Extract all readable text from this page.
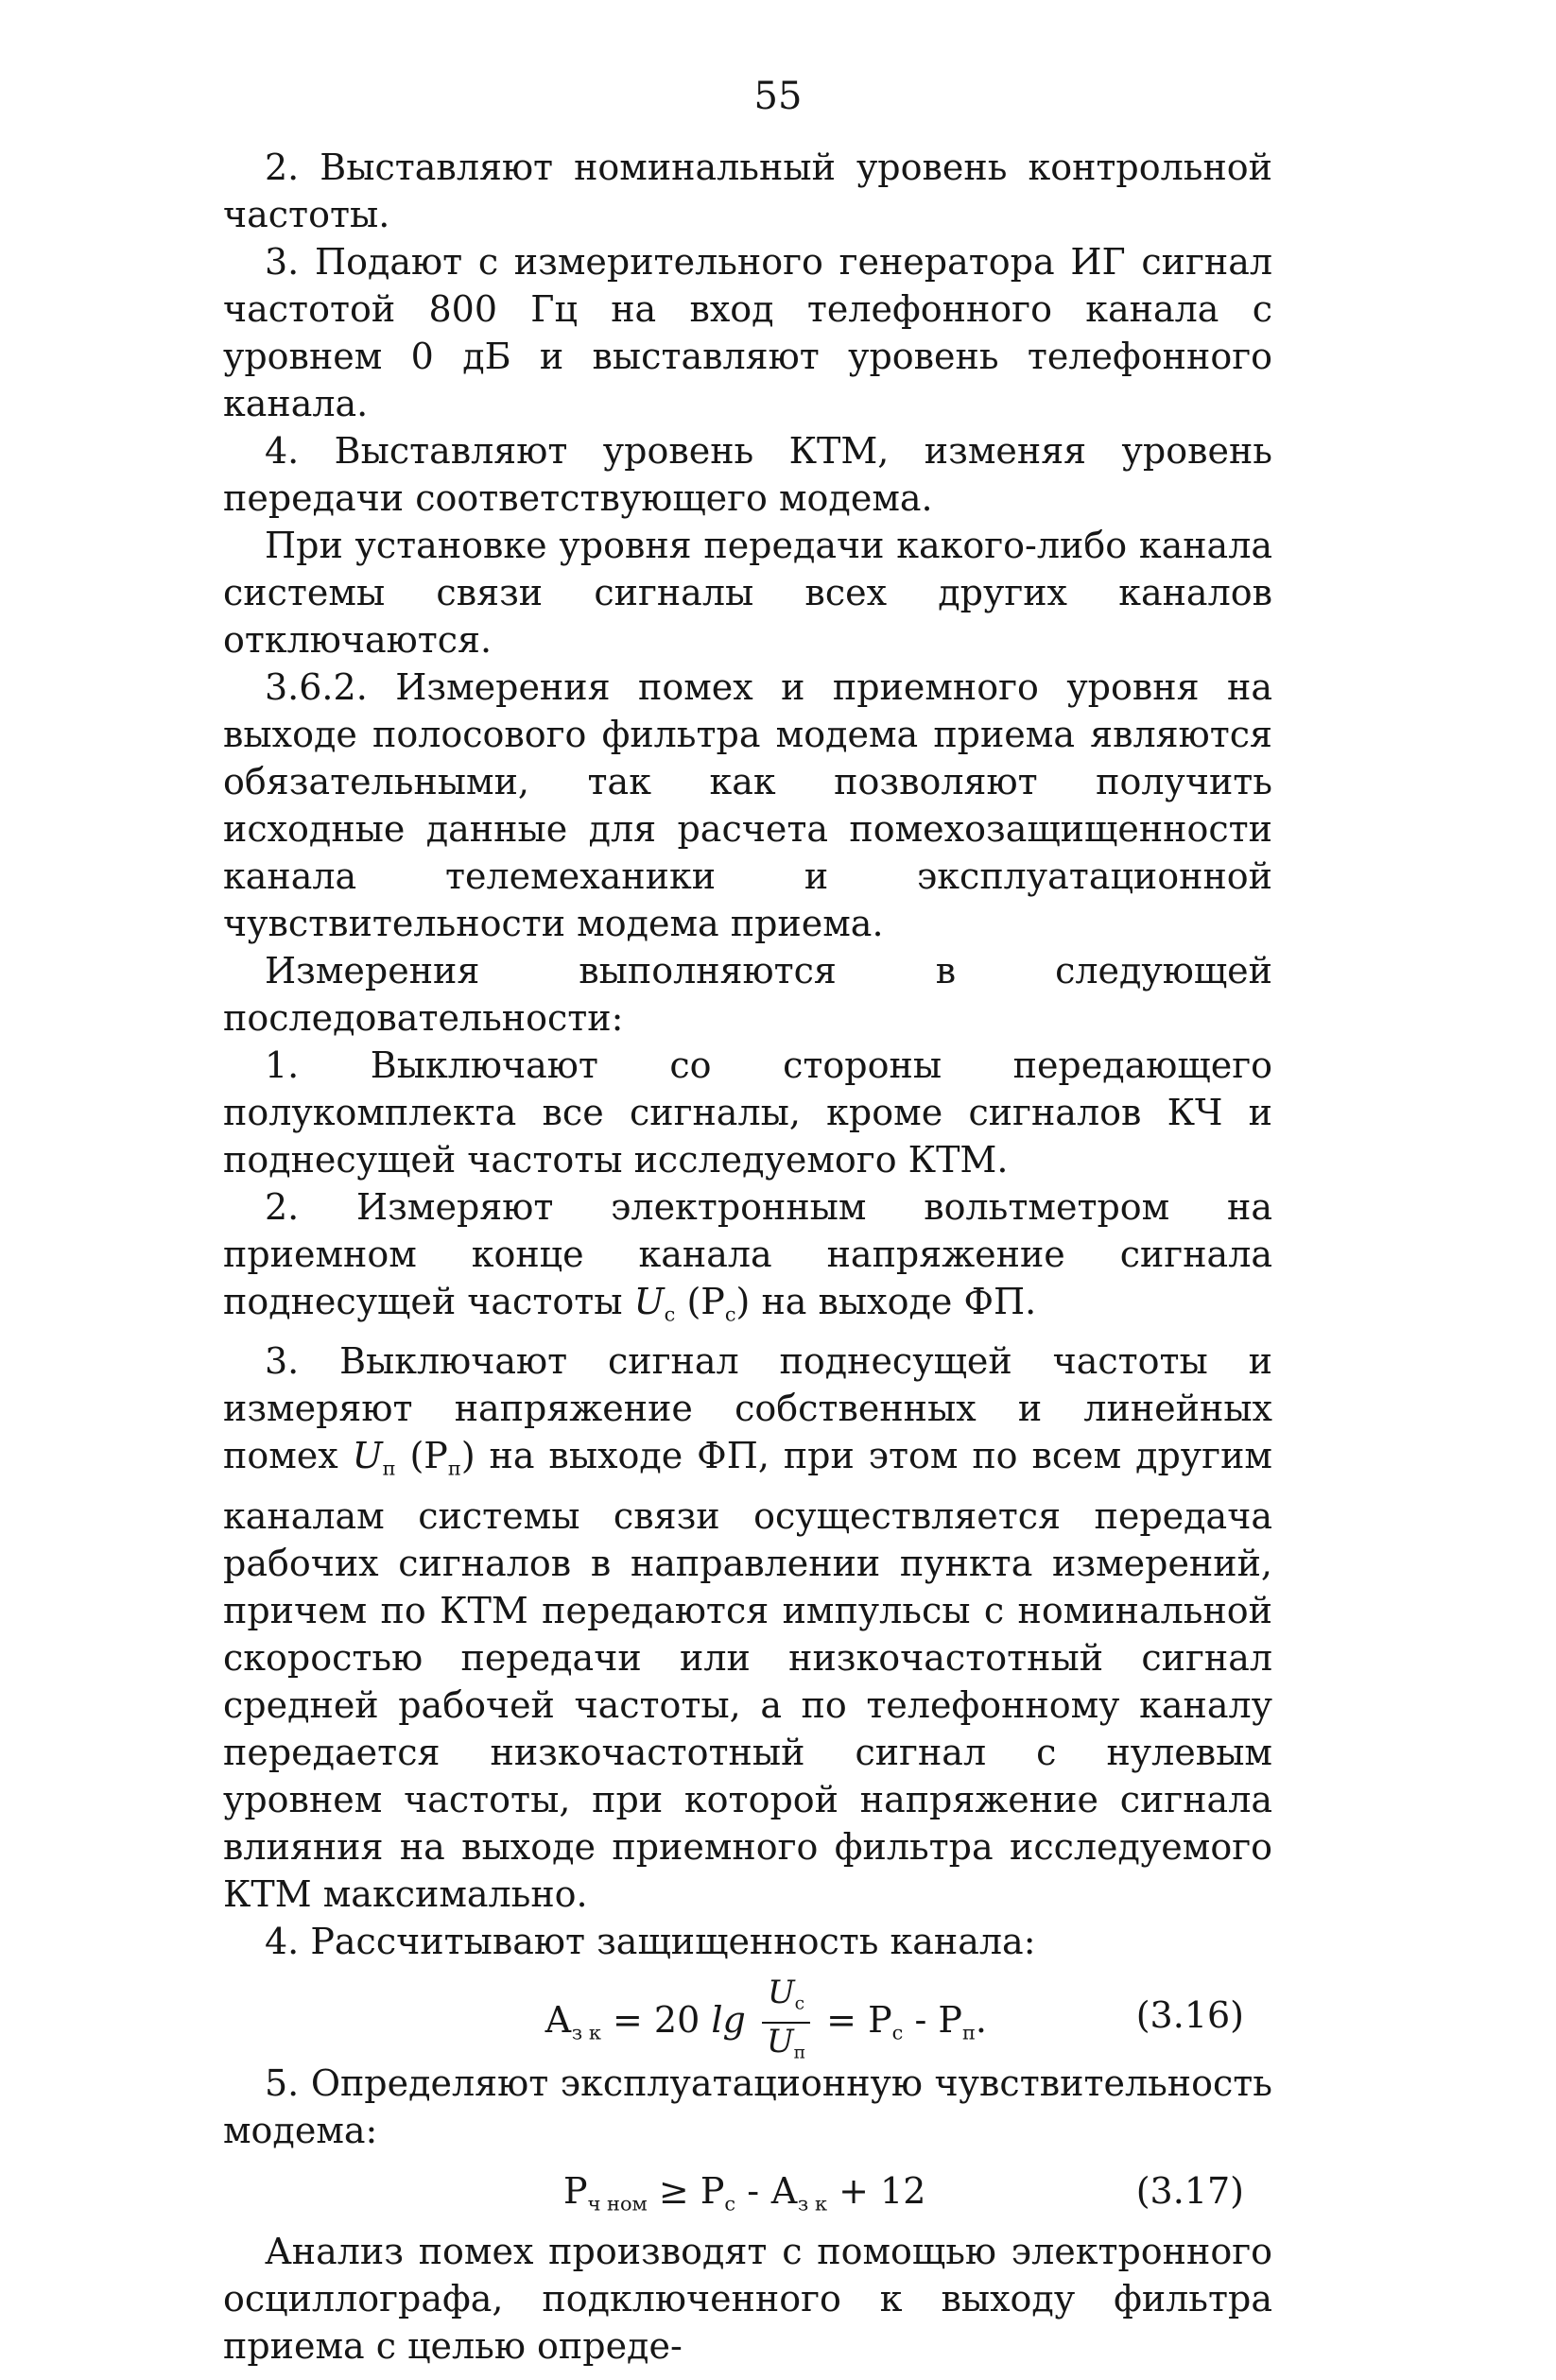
55

2. Выставляют номинальный уровень контрольной частоты.

3. Подают с измерительного генератора ИГ сигнал частотой 800 Гц на вход телефонного канала с уровнем 0 дБ и выставляют уровень телефонного канала.

4. Выставляют уровень КТМ, изменяя уровень передачи соответствующего модема.

При установке уровня передачи какого-либо канала системы связи сигналы всех других каналов отключаются.

3.6.2. Измерения помех и приемного уровня на выходе полосового фильтра модема приема являются обязательными, так как позволяют получить исходные данные для расчета помехозащищенности канала телемеханики и эксплуатационной чувствительности модема приема.

Измерения выполняются в следующей последовательности:

1. Выключают со стороны передающего полукомплекта все сигналы, кроме сигналов КЧ и поднесущей частоты исследуемого КТМ.

2. Измеряют электронным вольтметром на приемном конце канала напряжение сигнала поднесущей частоты $U_c$ $(P_c)$ на выходе ФП.

3. Выключают сигнал поднесущей частоты и измеряют напряжение собственных и линейных помех $U_п$ $(P_п)$ на выходе ФП, при этом по всем другим каналам системы связи осуществляется передача рабочих сигналов в направлении пункта измерений, причем по КТМ передаются импульсы с номинальной скоростью передачи или низкочастотный сигнал средней рабочей частоты, а по телефонному каналу передается низкочастотный сигнал с нулевым уровнем частоты, при которой напряжение сигнала влияния на выходе приемного фильтра исследуемого КТМ максимально.

4. Рассчитывают защищенность канала:

$А_{з к} = 20$ $\lg \frac{U_c}{U_п} = P_c - P_п$.	(3.16)

5. Определяют эксплуатационную чувствительность модема:

$P_{ч ном} \ge P_с - А_{з к} + 12$	(3.17)

Анализ помех производят с помощью электронного осциллографа, подключенного к выходу фильтра приема с целью опреде-
